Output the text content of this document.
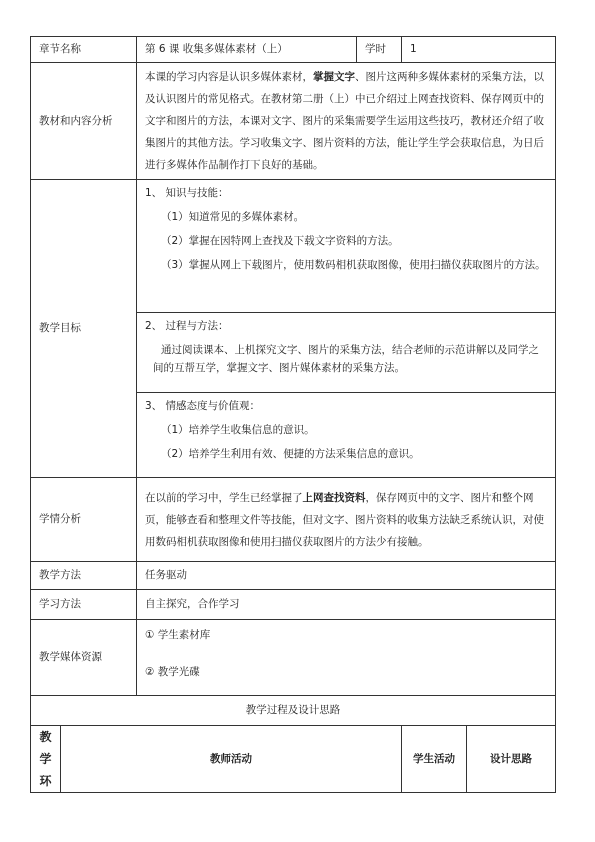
章节名称		第 6 课 收集多媒体素材（上）	学时	1	
教材和内容分析		本课的学习内容是认识多媒体素材，掌握文字、图片这两种多媒体素材的采集方法，以及认识图片的常见格式。在教材第二册（上）中已介绍过上网查找资料、保存网页中的文字和图片的方法，本课对文字、图片的采集需要学生运用这些技巧，教材还介绍了收集图片的其他方法。学习收集文字、图片资料的方法，能让学生学会获取信息，为日后进行多媒体作品制作打下良好的基础。			
教学目标		1、 知识与技能：

（1）知道常见的多媒体素材。

（2）掌握在因特网上查找及下载文字资料的方法。

（3）掌握从网上下载图片，使用数码相机获取图像，使用扫描仪获取图片的方法。			

		2、 过程与方法：

通过阅读课本、上机探究文字、图片的采集方法，结合老师的示范讲解以及同学之间的互帮互学，掌握文字、图片媒体素材的采集方法。			

		3、 情感态度与价值观：

（1）培养学生收集信息的意识。

（2）培养学生利用有效、便捷的方法采集信息的意识。			

学情分析		在以前的学习中，学生已经掌握了上网查找资料，保存网页中的文字、图片和整个网页，能够查看和整理文件等技能，但对文字、图片资料的收集方法缺乏系统认识，对使用数码相机获取图像和使用扫描仪获取图片的方法少有接触。			
教学方法		任务驱动			
学习方法		自主探究，合作学习			
教学媒体资源		① 学生素材库

② 教学光碟			

教学过程及设计思路					

教学环	教师活动			学生活动	设计思路
